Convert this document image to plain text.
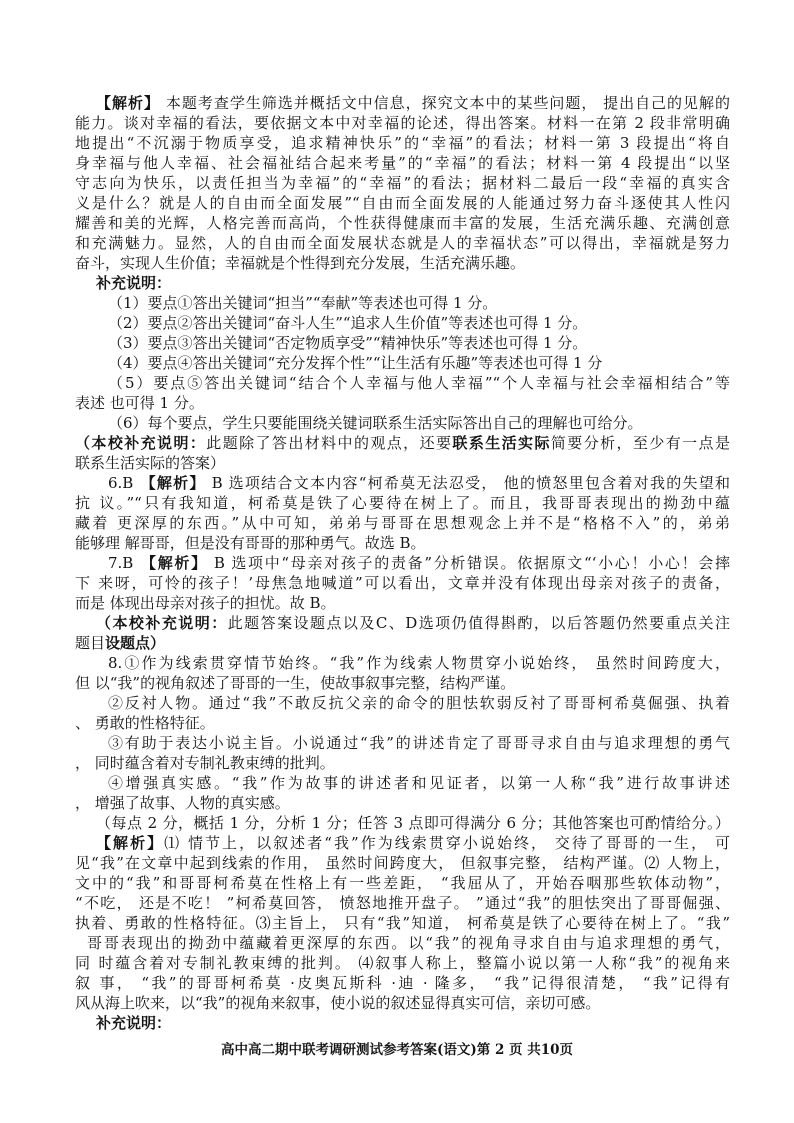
【解析】 本题考查学生筛选并概括文中信息，探究文本中的某些问题， 提出自己的见解的
能力。谈对幸福的看法，要依据文本中对幸福的论述，得出答案。材料一在第 2 段非常明确
地提出“不沉溺于物质享受，追求精神快乐”的“幸福”的看法；材料一第 3 段提出“将自
身幸福与他人幸福、社会福祉结合起来考量”的“幸福”的看法；材料一第 4 段提出“以坚
守志向为快乐，以责任担当为幸福”的“幸福”的看法；据材料二最后一段“幸福的真实含
义是什么？就是人的自由而全面发展”“自由而全面发展的人能通过努力奋斗逐使其人性闪
耀善和美的光辉，人格完善而高尚，个性获得健康而丰富的发展，生活充满乐趣、充满创意
和充满魅力。显然，人的自由而全面发展状态就是人的幸福状态”可以得出，幸福就是努力
奋斗，实现人生价值；幸福就是个性得到充分发展，生活充满乐趣。
补充说明：
（1）要点①答出关键词“担当”“奉献”等表述也可得 1 分。
（2）要点②答出关键词“奋斗人生”“追求人生价值”等表述也可得 1 分。
（3）要点③答出关键词“否定物质享受”“精神快乐”等表述也可得 1 分。
（4）要点④答出关键词“充分发挥个性”“让生活有乐趣”等表述也可得 1 分
（5）要点⑤答出关键词“结合个人幸福与他人幸福”“个人幸福与社会幸福相结合”等
表述 也可得 1 分。
（6）每个要点，学生只要能围绕关键词联系生活实际答出自己的理解也可给分。
（本校补充说明：此题除了答出材料中的观点，还要联系生活实际简要分析，至少有一点是
联系生活实际的答案）
6.B 【解析】 B 选项结合文本内容“柯希莫无法忍受， 他的愤怒里包含着对我的失望和
抗 议。”“只有我知道，柯希莫是铁了心要待在树上了。而且，我哥哥表现出的拗劲中蕴
藏着 更深厚的东西。”从中可知，弟弟与哥哥在思想观念上并不是“格格不入”的，弟弟
能够理 解哥哥，但是没有哥哥的那种勇气。故选 B。
7.B 【解析】 B 选项中“母亲对孩子的责备”分析错误。依据原文“‘小心！小心！会摔
下 来呀，可怜的孩子！’母焦急地喊道”可以看出，文章并没有体现出母亲对孩子的责备，
而是 体现出母亲对孩子的担忧。故 B。
（本校补充说明：此题答案设题点以及C、D选项仍值得斟酌，以后答题仍然要重点关注
题目设题点）
8.①作为线索贯穿情节始终。“我”作为线索人物贯穿小说始终， 虽然时间跨度大，
但 以“我”的视角叙述了哥哥的一生，使故事叙事完整，结构严谨。
②反衬人物。通过“我”不敢反抗父亲的命令的胆怯软弱反衬了哥哥柯希莫倔强、执着
、 勇敢的性格特征。
③有助于表达小说主旨。小说通过“我”的讲述肯定了哥哥寻求自由与追求理想的勇气
， 同时蕴含着对专制礼教束缚的批判。
④增强真实感。“我”作为故事的讲述者和见证者，以第一人称“我”进行故事讲述
， 增强了故事、人物的真实感。
（每点 2 分，概括 1 分，分析 1 分；任答 3 点即可得满分 6 分；其他答案也可酌情给分。）
【解析】⑴ 情节上，以叙述者“我”作为线索贯穿小说始终， 交待了哥哥的一生， 可
见“我”在文章中起到线索的作用， 虽然时间跨度大， 但叙事完整， 结构严谨。⑵ 人物上，
文中的“我”和哥哥柯希莫在性格上有一些差距， “我屈从了，开始吞咽那些软体动物”，
“不吃， 还是不吃！ ”柯希莫回答， 愤怒地推开盘子。 ”通过“我”的胆怯突出了哥哥倔强、
执着、勇敢的性格特征。⑶主旨上， 只有“我”知道， 柯希莫是铁了心要待在树上了。“我”
哥哥表现出的拗劲中蕴藏着更深厚的东西。以“我”的视角寻求自由与追求理想的勇气，
同 时蕴含着对专制礼教束缚的批判。 ⑷叙事人称上，整篇小说以第一人称“我”的视角来
叙 事， “我”的哥哥柯希莫 ·皮奥瓦斯科 ·迪 · 隆多， “我”记得很清楚， “我”记得有
风从海上吹来，以“我”的视角来叙事，使小说的叙述显得真实可信，亲切可感。
补充说明：
高中高二期中联考调研测试参考答案(语文)第 2 页 共10页
